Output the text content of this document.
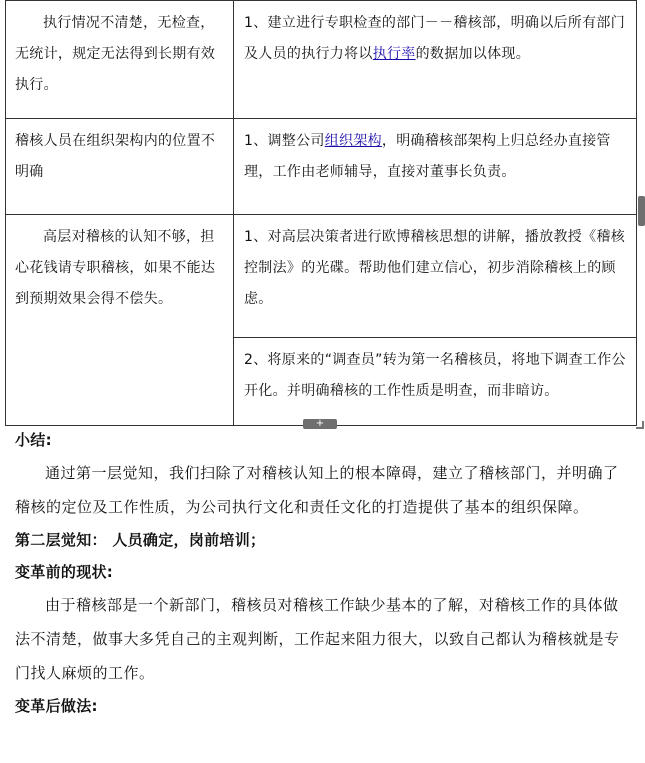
执行情况不清楚，无检查，无统计，规定无法得到长期有效执行。	1、建立进行专职检查的部门－－稽核部，明确以后所有部门及人员的执行力将以执行率的数据加以体现。
稽核人员在组织架构内的位置不明确	1、调整公司组织架构，明确稽核部架构上归总经办直接管理，工作由老师辅导，直接对董事长负责。
高层对稽核的认知不够，担心花钱请专职稽核，如果不能达到预期效果会得不偿失。	1、对高层决策者进行欧博稽核思想的讲解，播放教授《稽核控制法》的光碟。帮助他们建立信心，初步消除稽核上的顾虑。
	2、将原来的“调查员”转为第一名稽核员，将地下调查工作公开化。并明确稽核的工作性质是明查，而非暗访。
+

小结:

通过第一层觉知，我们扫除了对稽核认知上的根本障碍，建立了稽核部门，并明确了稽核的定位及工作性质，为公司执行文化和责任文化的打造提供了基本的组织保障。

第二层觉知： 人员确定，岗前培训；

变革前的现状:

由于稽核部是一个新部门，稽核员对稽核工作缺少基本的了解，对稽核工作的具体做法不清楚，做事大多凭自己的主观判断，工作起来阻力很大，以致自己都认为稽核就是专门找人麻烦的工作。

变革后做法:
